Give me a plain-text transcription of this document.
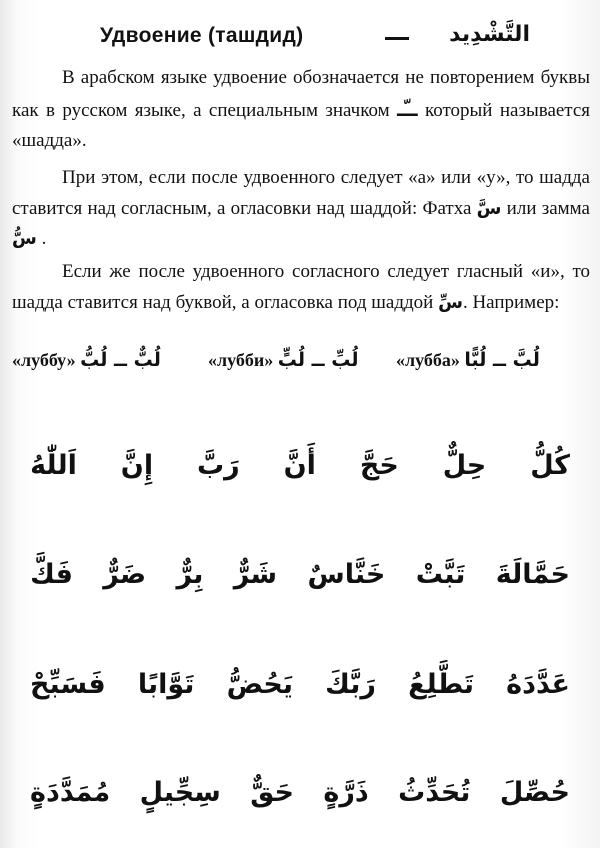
Удвоение (ташдид)	التَّشْدِيد

В арабском языке удвоение обозначается не повторением буквы как в русском языке, а специальным значком ــّـ который называется «шадда».

При этом, если после удвоенного следует «а» или «у», то шадда ставится над согласным, а огласовки над шаддой: Фатха سَّ или замма سُّ .

Если же после удвоенного согласного следует гласный «и», то шадда ставится над буквой, а огласовка под шаддой سِّ. Например:

«луббу» لُبٌّ ــ لُبُّ	«лубби» لُبِّ ــ لُبٍّ «лубба» لُبَّ ــ لُبًّا
اَللّٰهُ إِنَّ رَبَّ أَنَّ حَجَّ حِلٌّ كُلُّ
فَكَّ ضَرٌّ بِرٌّ شَرٌّ خَنَّاسٌ تَبَّتْ حَمَّالَةَ
فَسَبِّحْ تَوَّابًا يَحُضُّ رَبَّكَ تَطَّلِعُ عَدَّدَهُ
مُمَدَّدَةٍ سِجِّيلٍ حَقٌّ ذَرَّةٍ تُحَدِّثُ حُصِّلَ
